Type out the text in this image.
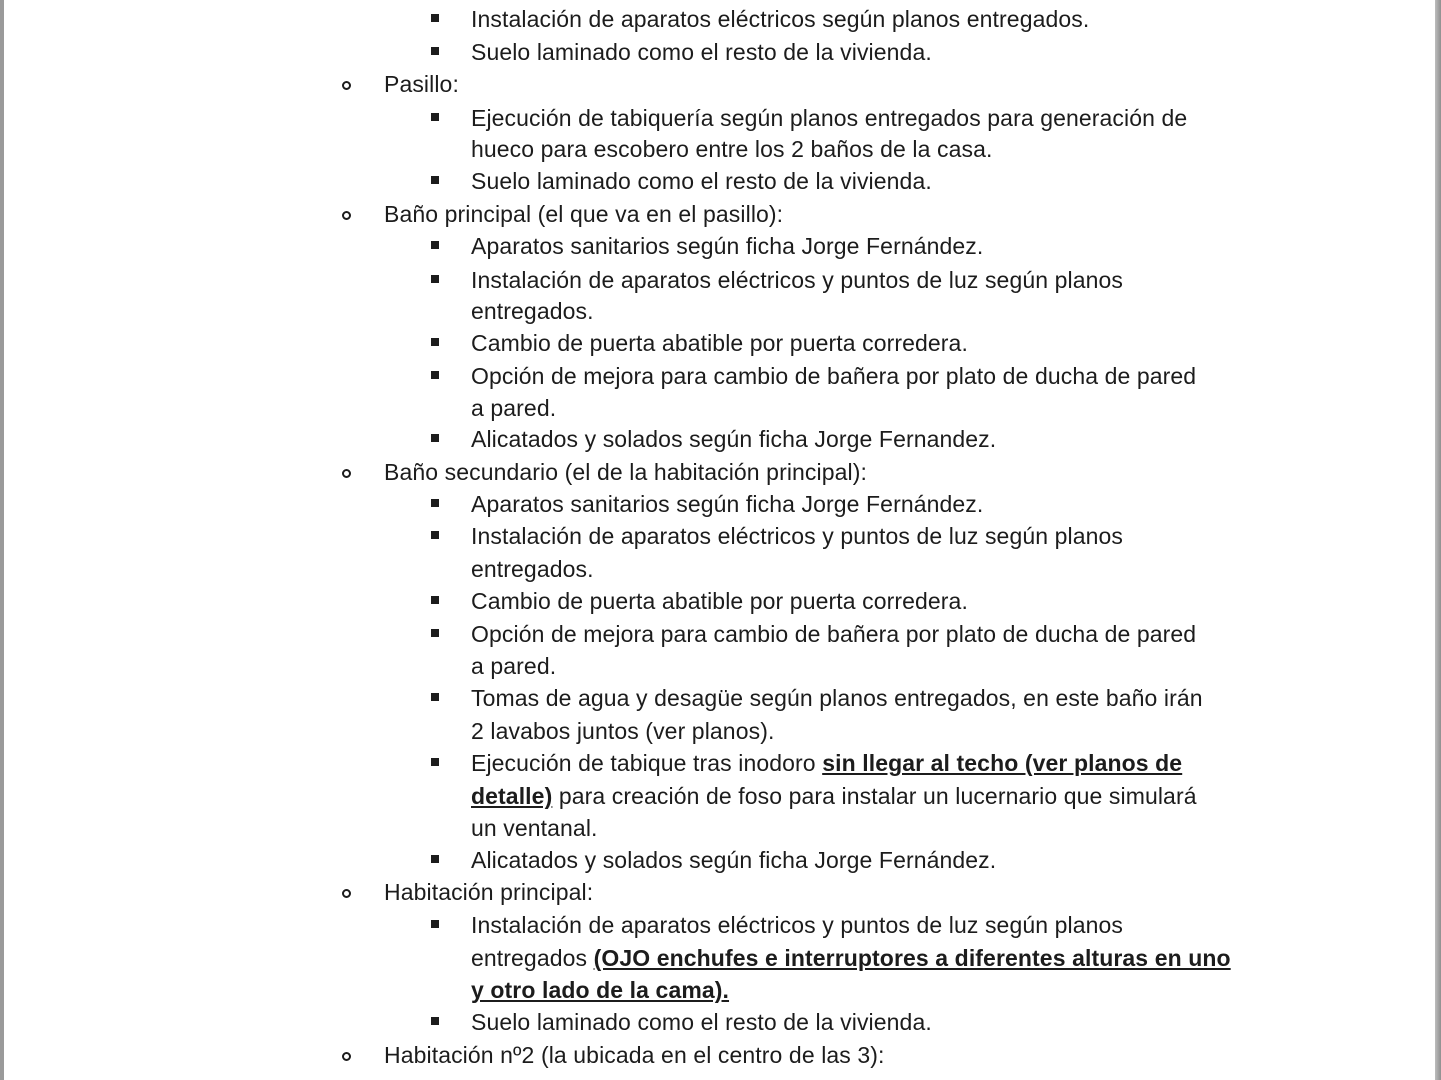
Instalación de aparatos eléctricos según planos entregados.
Suelo laminado como el resto de la vivienda.
Pasillo:
Ejecución de tabiquería según planos entregados para generación de
hueco para escobero entre los 2 baños de la casa.
Suelo laminado como el resto de la vivienda.
Baño principal (el que va en el pasillo):
Aparatos sanitarios según ficha Jorge Fernández.
Instalación de aparatos eléctricos y puntos de luz según planos
entregados.
Cambio de puerta abatible por puerta corredera.
Opción de mejora para cambio de bañera por plato de ducha de pared
a pared.
Alicatados y solados según ficha Jorge Fernandez.
Baño secundario (el de la habitación principal):
Aparatos sanitarios según ficha Jorge Fernández.
Instalación de aparatos eléctricos y puntos de luz según planos
entregados.
Cambio de puerta abatible por puerta corredera.
Opción de mejora para cambio de bañera por plato de ducha de pared
a pared.
Tomas de agua y desagüe según planos entregados, en este baño irán
2 lavabos juntos (ver planos).
Ejecución de tabique tras inodoro sin llegar al techo (ver planos de
detalle) para creación de foso para instalar un lucernario que simulará
un ventanal.
Alicatados y solados según ficha Jorge Fernández.
Habitación principal:
Instalación de aparatos eléctricos y puntos de luz según planos
entregados (OJO enchufes e interruptores a diferentes alturas en uno
y otro lado de la cama).
Suelo laminado como el resto de la vivienda.
Habitación nº2 (la ubicada en el centro de las 3):
